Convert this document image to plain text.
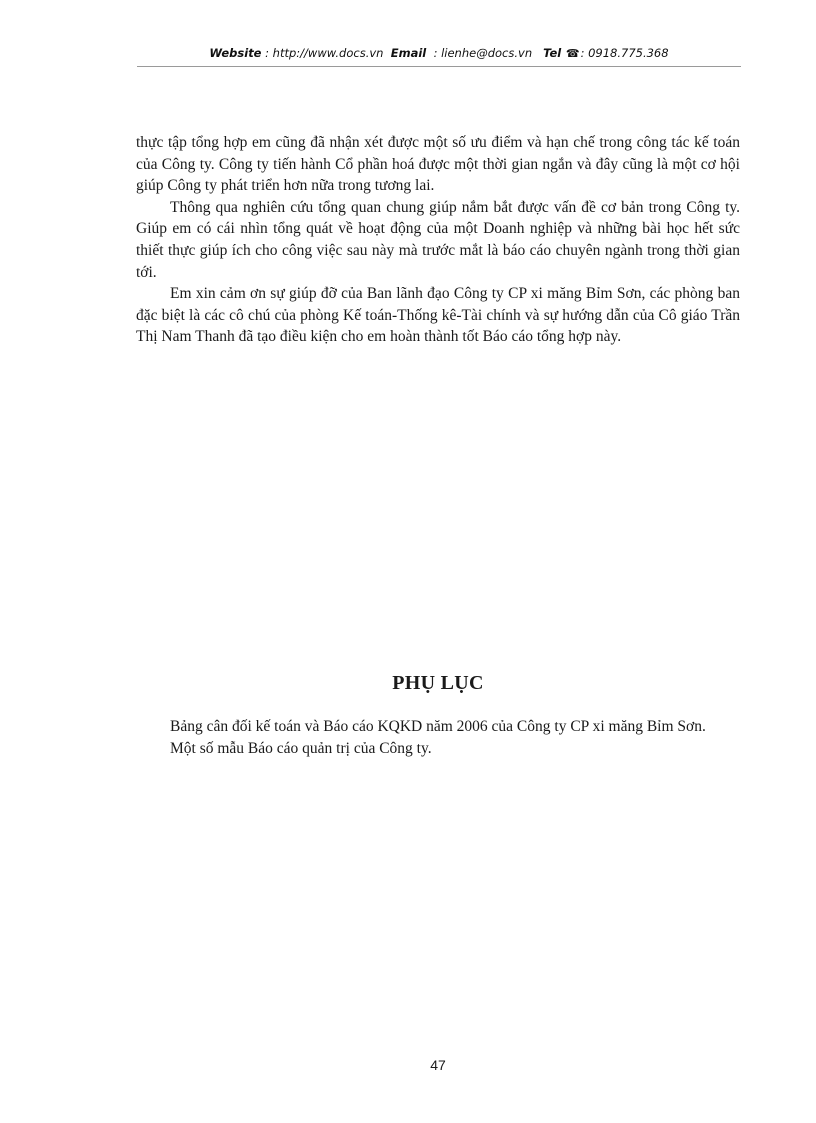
Website : http://www.docs.vn Email : lienhe@docs.vn Tel ☎: 0918.775.368

thực tập tổng hợp em cũng đã nhận xét được một số ưu điểm và hạn chế trong công tác kế toán của Công ty. Công ty tiến hành Cổ phần hoá được một thời gian ngắn và đây cũng là một cơ hội giúp Công ty phát triển hơn nữa trong tương lai.

Thông qua nghiên cứu tổng quan chung giúp nắm bắt được vấn đề cơ bản trong Công ty. Giúp em có cái nhìn tổng quát về hoạt động của một Doanh nghiệp và những bài học hết sức thiết thực giúp ích cho công việc sau này mà trước mắt là báo cáo chuyên ngành trong thời gian tới.

Em xin cảm ơn sự giúp đỡ của Ban lãnh đạo Công ty CP xi măng Bỉm Sơn, các phòng ban đặc biệt là các cô chú của phòng Kế toán-Thống kê-Tài chính và sự hướng dẫn của Cô giáo Trần Thị Nam Thanh đã tạo điều kiện cho em hoàn thành tốt Báo cáo tổng hợp này.

PHỤ LỤC

Bảng cân đối kế toán và Báo cáo KQKD năm 2006 của Công ty CP xi măng Bỉm Sơn.

Một số mẫu Báo cáo quản trị của Công ty.

47
